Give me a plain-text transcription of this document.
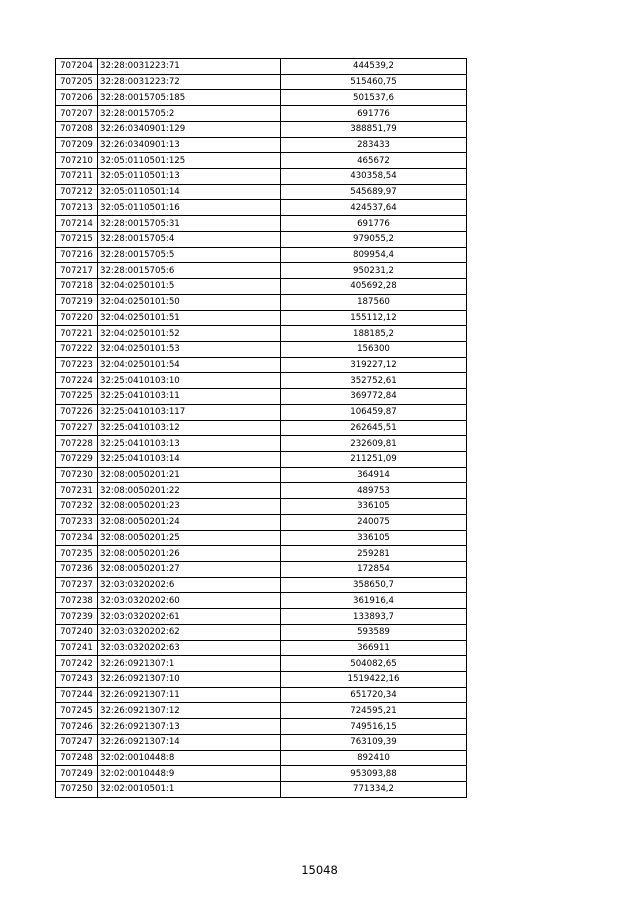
707204	32:28:0031223:71	444539,2
707205	32:28:0031223:72	515460,75
707206	32:28:0015705:185	501537,6
707207	32:28:0015705:2	691776
707208	32:26:0340901:129	388851,79
707209	32:26:0340901:13	283433
707210	32:05:0110501:125	465672
707211	32:05:0110501:13	430358,54
707212	32:05:0110501:14	545689,97
707213	32:05:0110501:16	424537,64
707214	32:28:0015705:31	691776
707215	32:28:0015705:4	979055,2
707216	32:28:0015705:5	809954,4
707217	32:28:0015705:6	950231,2
707218	32:04:0250101:5	405692,28
707219	32:04:0250101:50	187560
707220	32:04:0250101:51	155112,12
707221	32:04:0250101:52	188185,2
707222	32:04:0250101:53	156300
707223	32:04:0250101:54	319227,12
707224	32:25:0410103:10	352752,61
707225	32:25:0410103:11	369772,84
707226	32:25:0410103:117	106459,87
707227	32:25:0410103:12	262645,51
707228	32:25:0410103:13	232609,81
707229	32:25:0410103:14	211251,09
707230	32:08:0050201:21	364914
707231	32:08:0050201:22	489753
707232	32:08:0050201:23	336105
707233	32:08:0050201:24	240075
707234	32:08:0050201:25	336105
707235	32:08:0050201:26	259281
707236	32:08:0050201:27	172854
707237	32:03:0320202:6	358650,7
707238	32:03:0320202:60	361916,4
707239	32:03:0320202:61	133893,7
707240	32:03:0320202:62	593589
707241	32:03:0320202:63	366911
707242	32:26:0921307:1	504082,65
707243	32:26:0921307:10	1519422,16
707244	32:26:0921307:11	651720,34
707245	32:26:0921307:12	724595,21
707246	32:26:0921307:13	749516,15
707247	32:26:0921307:14	763109,39
707248	32:02:0010448:8	892410
707249	32:02:0010448:9	953093,88
707250	32:02:0010501:1	771334,2
15048
